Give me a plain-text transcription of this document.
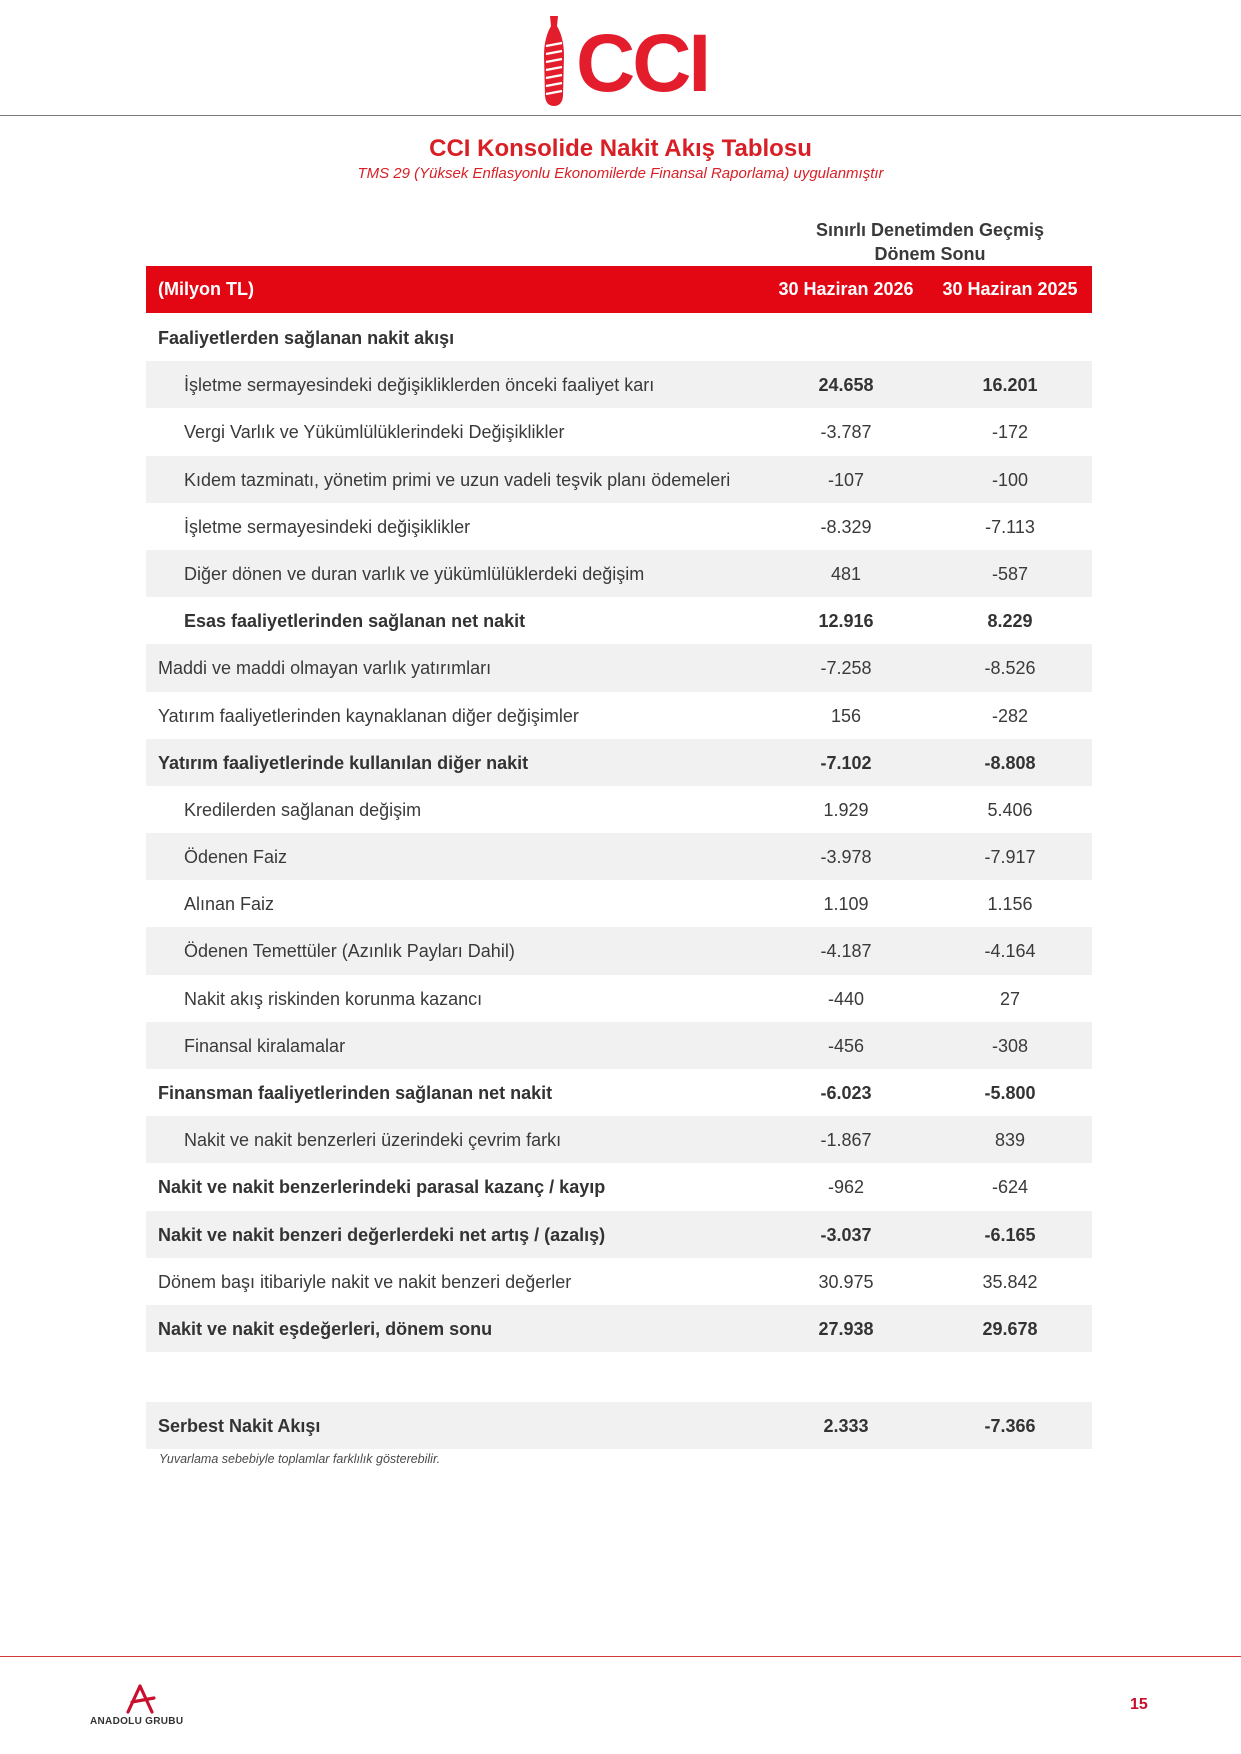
CCI
CCI Konsolide Nakit Akış Tablosu
TMS 29 (Yüksek Enflasyonlu Ekonomilerde Finansal Raporlama) uygulanmıştır
Sınırlı Denetimden Geçmiş
Dönem Sonu
(Milyon TL)	30 Haziran 2026	30 Haziran 2025
Faaliyetlerden sağlanan nakit akışı
İşletme sermayesindeki değişikliklerden önceki faaliyet karı	24.658	16.201
Vergi Varlık ve Yükümlülüklerindeki Değişiklikler	-3.787	-172
Kıdem tazminatı, yönetim primi ve uzun vadeli teşvik planı ödemeleri	-107	-100
İşletme sermayesindeki değişiklikler	-8.329	-7.113
Diğer dönen ve duran varlık ve yükümlülüklerdeki değişim	481	-587
Esas faaliyetlerinden sağlanan net nakit	12.916	8.229
Maddi ve maddi olmayan varlık yatırımları	-7.258	-8.526
Yatırım faaliyetlerinden kaynaklanan diğer değişimler	156	-282
Yatırım faaliyetlerinde kullanılan diğer nakit	-7.102	-8.808
Kredilerden sağlanan değişim	1.929	5.406
Ödenen Faiz	-3.978	-7.917
Alınan Faiz	1.109	1.156
Ödenen Temettüler (Azınlık Payları Dahil)	-4.187	-4.164
Nakit akış riskinden korunma kazancı	-440	27
Finansal kiralamalar	-456	-308
Finansman faaliyetlerinden sağlanan net nakit	-6.023	-5.800
Nakit ve nakit benzerleri üzerindeki çevrim farkı	-1.867	839
Nakit ve nakit benzerlerindeki parasal kazanç / kayıp	-962	-624
Nakit ve nakit benzeri değerlerdeki net artış / (azalış)	-3.037	-6.165
Dönem başı itibariyle nakit ve nakit benzeri değerler	30.975	35.842
Nakit ve nakit eşdeğerleri, dönem sonu	27.938	29.678
Serbest Nakit Akışı	2.333	-7.366
Yuvarlama sebebiyle toplamlar farklılık gösterebilir.
ANADOLU GRUBU
15
